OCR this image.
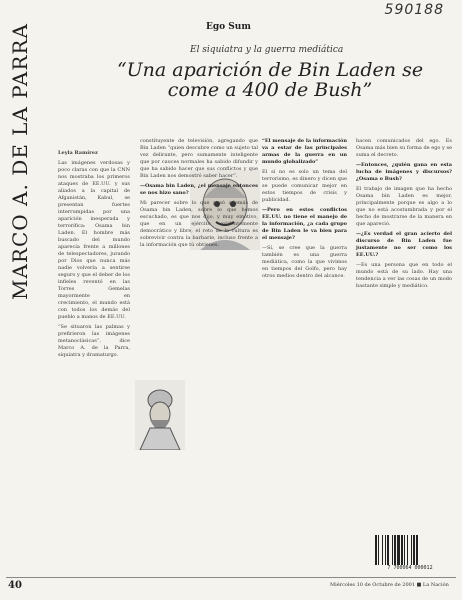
590188
Ego Sum
MARCO A. DE LA PARRA	El siquiatra y la guerra mediática
“Una aparición de Bin Laden se come a 400 de Bush”

Leyla Ramírez

Las imágenes verdosas y poco claras con que la CNN nos mostraba los primeros ataques de EE.UU. y sus aliados a la capital de Afganistán, Kabul, se presentan fuertes interrumpidas por una aparición inesperada y terrorífica: Osama bin Laden. El hombre más buscado del mundo aparecía frente a millones de telespectadores, jurando por Dios que nunca más nadie volvería a sentirse seguro y que el deber de los infieles reventó en las Torres Gemelas mayormente en crecimiento, el mundo está con todos los demás del pueblo a manos de EE.UU.

“Se situaron las palmas y prefirieron las imágenes metanoclásicas”, dice Marco A. de la Parra, siquiatra y dramaturgo.

constituyente de televisión, agregando que Bin Laden “quien descubre como un sujeto tal vez delirante, pero sumamente inteligente que por cauces normales ha sabido difundir y que ha sabido hacer que sus conflictos y que Bin Laden nos demostró saber hacer”.

—Osama bin Laden, ¿el mensaje entonces se nos hizo sano?

Mi parecer sobre lo que pasó además de Osama bin Laden, sobre lo que hemos escuchado, es que nos dijo, y muy emotivo, que en un ejército evidentemente democrático y libre, el reto de la cultura es sobrevivir contra la barbarie, incluso frente a la información que tú obtienes.

“El mensaje de la información va a estar de las principales armas de la guerra en un mundo globalizado”

El sí no es solo un tema del terrorismo, es dinero y dicen que se puede comunicar mejor en estos tiempos de crisis y publicidad.

—Pero en estos conflictos EE.UU. no tiene el manejo de la información, ¿a cada grupo de Bin Laden le va bien para el mensaje?

—Sí, se cree que la guerra también es una guerra mediática, como la que vivimos en tiempos del Golfo, pero hay otros medios dentro del alcance.

hacen comunicados del ego. Es Osama más bien su forma de ego y se suma el decreto.

—Entonces, ¿quién gana en esta lucha de imágenes y discursos? ¿Osama o Bush?

El trabajo de imagen que ha hecho Osama bin Laden es mejor, principalmente porque es algo a lo que no está acostumbrada y por el hecho de mostrarse de la manera en que apareció.

—¿Es verdad el gran acierto del discurso de Bin Laden fue justamente no ser como los EE.UU.?

—Es una persona que en todo el mundo está de su lado. Hay una tendencia a ver las cosas de un modo bastante simple y mediático.

7 700064 000012
40	Miércoles 10 de Octubre de 2001 ■ La Nación
